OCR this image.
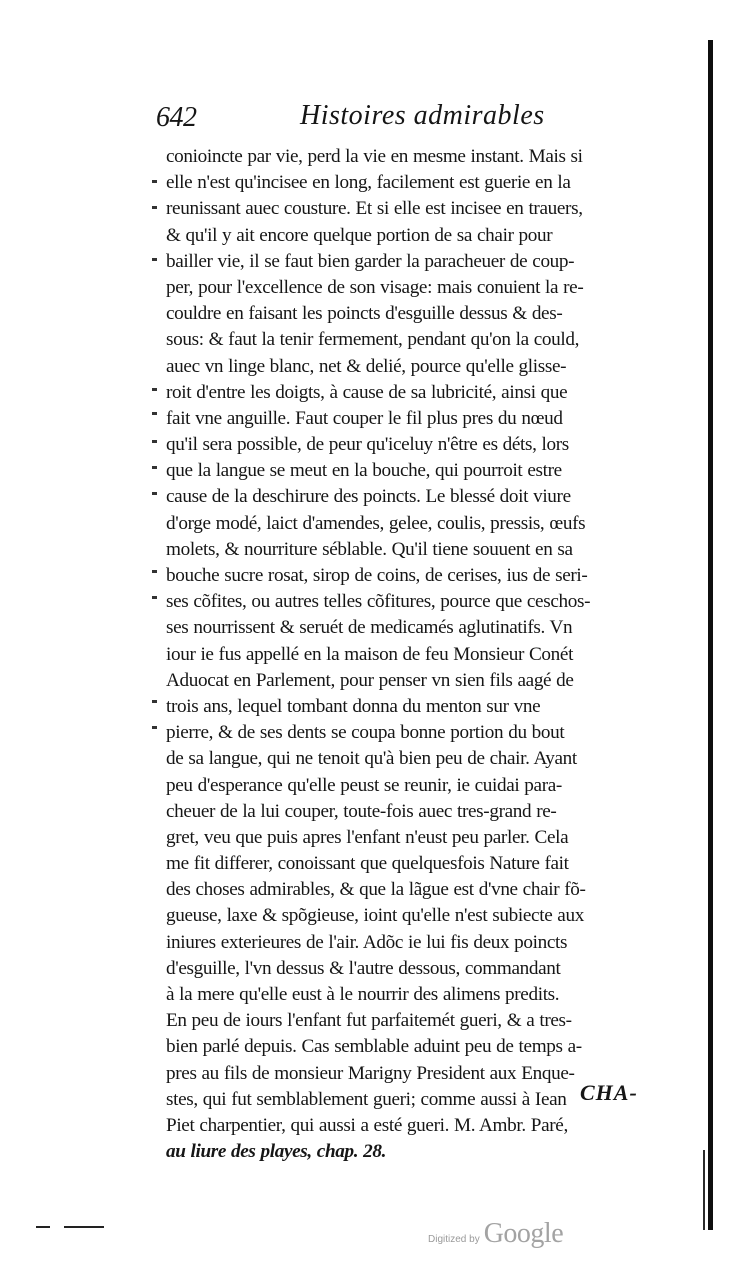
642	Histoires admirables
conioincte par vie, perd la vie en mesme instant. Mais si
elle n'est qu'incisee en long, facilement est guerie en la
reunissant auec cousture. Et si elle est incisee en trauers,
& qu'il y ait encore quelque portion de sa chair pour
bailler vie, il se faut bien garder la paracheuer de coup-
per, pour l'excellence de son visage: mais conuient la re-
couldre en faisant les poincts d'esguille dessus & des-
sous: & faut la tenir fermement, pendant qu'on la could,
auec vn linge blanc, net & delié, pource qu'elle glisse-
roit d'entre les doigts, à cause de sa lubricité, ainsi que
fait vne anguille. Faut couper le fil plus pres du nœud
qu'il sera possible, de peur qu'iceluy n'être es déts, lors
que la langue se meut en la bouche, qui pourroit estre
cause de la deschirure des poincts. Le blessé doit viure
d'orge modé, laict d'amendes, gelee, coulis, pressis, œufs
molets, & nourriture séblable. Qu'il tiene souuent en sa
bouche sucre rosat, sirop de coins, de cerises, ius de seri-
ses cõfites, ou autres telles cõfitures, pource que ceschos-
ses nourrissent & seruét de medicamés aglutinatifs. Vn
iour ie fus appellé en la maison de feu Monsieur Conét
Aduocat en Parlement, pour penser vn sien fils aagé de
trois ans, lequel tombant donna du menton sur vne
pierre, & de ses dents se coupa bonne portion du bout
de sa langue, qui ne tenoit qu'à bien peu de chair. Ayant
peu d'esperance qu'elle peust se reunir, ie cuidai para-
cheuer de la lui couper, toute-fois auec tres-grand re-
gret, veu que puis apres l'enfant n'eust peu parler. Cela
me fit differer, conoissant que quelquesfois Nature fait
des choses admirables, & que la lãgue est d'vne chair fõ-
gueuse, laxe & spõgieuse, ioint qu'elle n'est subiecte aux
iniures exterieures de l'air. Adõc ie lui fis deux poincts
d'esguille, l'vn dessus & l'autre dessous, commandant
à la mere qu'elle eust à le nourrir des alimens predits.
En peu de iours l'enfant fut parfaitemét gueri, & a tres-
bien parlé depuis. Cas semblable aduint peu de temps a-
pres au fils de monsieur Marigny President aux Enque-
stes, qui fut semblablement gueri; comme aussi à Iean
Piet charpentier, qui aussi a esté gueri. M. Ambr. Paré,
au liure des playes, chap. 28.
CHA-
Digitized by Google
